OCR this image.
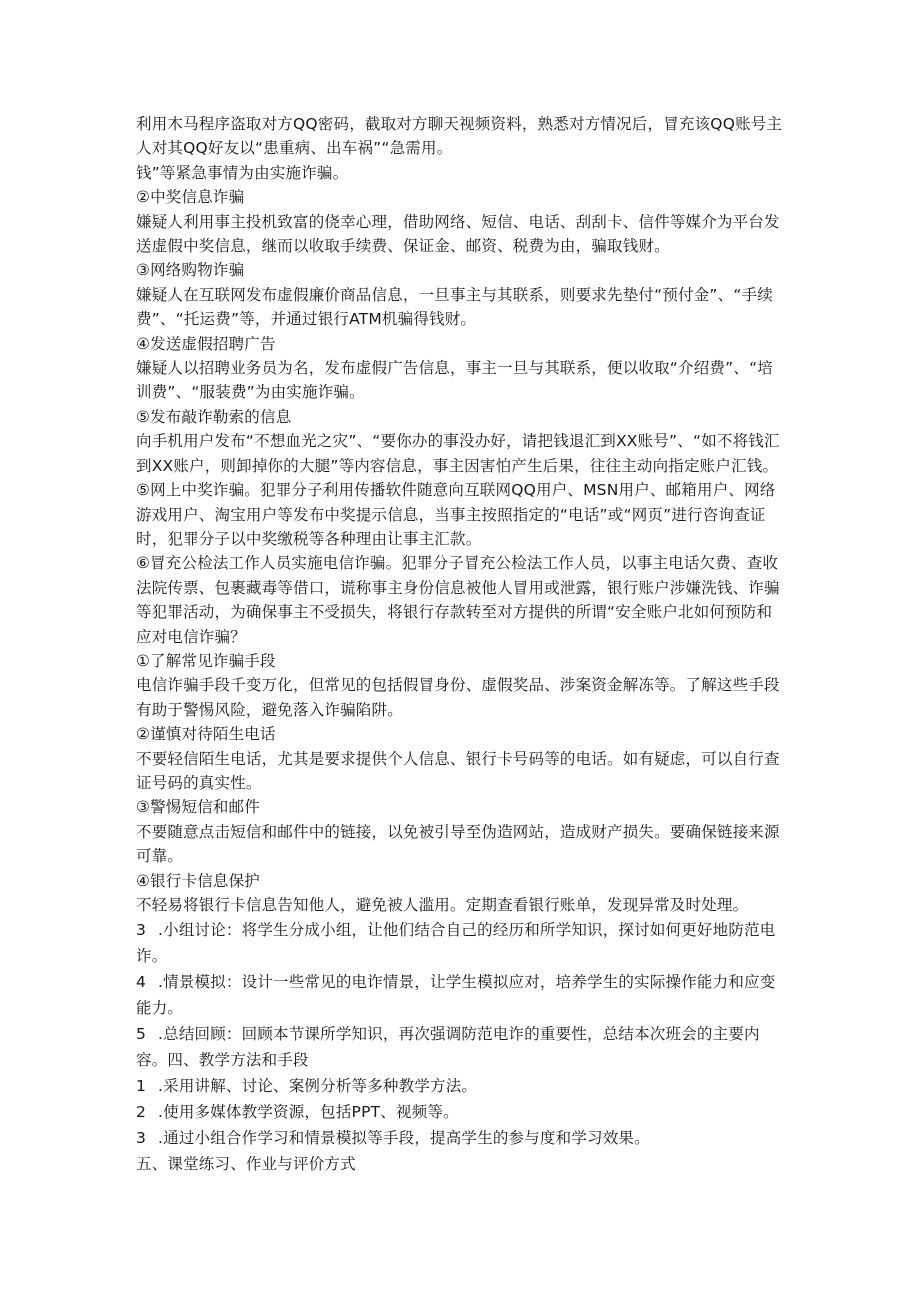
利用木马程序盗取对方QQ密码，截取对方聊天视频资料，熟悉对方情况后，冒充该QQ账号主人对其QQ好友以“患重病、出车祸”“急需用。

钱”等紧急事情为由实施诈骗。

②中奖信息诈骗

嫌疑人利用事主投机致富的侥幸心理，借助网络、短信、电话、刮刮卡、信件等媒介为平台发送虚假中奖信息，继而以收取手续费、保证金、邮资、税费为由，骗取钱财。

③网络购物诈骗

嫌疑人在互联网发布虚假廉价商品信息，一旦事主与其联系，则要求先垫付“预付金”、“手续费”、“托运费”等，并通过银行ATM机骗得钱财。

④发送虚假招聘广告

嫌疑人以招聘业务员为名，发布虚假广告信息，事主一旦与其联系，便以收取“介绍费”、“培训费”、“服装费”为由实施诈骗。

⑤发布敲诈勒索的信息

向手机用户发布“不想血光之灾”、“要你办的事没办好，请把钱退汇到XX账号”、“如不将钱汇到XX账户，则卸掉你的大腿”等内容信息，事主因害怕产生后果，往往主动向指定账户汇钱。

⑤网上中奖诈骗。犯罪分子利用传播软件随意向互联网QQ用户、MSN用户、邮箱用户、网络游戏用户、淘宝用户等发布中奖提示信息，当事主按照指定的“电话”或“网页”进行咨询查证时，犯罪分子以中奖缴税等各种理由让事主汇款。

⑥冒充公检法工作人员实施电信诈骗。犯罪分子冒充公检法工作人员，以事主电话欠费、查收法院传票、包裹藏毒等借口，谎称事主身份信息被他人冒用或泄露，银行账户涉嫌洗钱、诈骗等犯罪活动，为确保事主不受损失，将银行存款转至对方提供的所谓“安全账户北如何预防和应对电信诈骗？

①了解常见诈骗手段

电信诈骗手段千变万化，但常见的包括假冒身份、虚假奖品、涉案资金解冻等。了解这些手段有助于警惕风险，避免落入诈骗陷阱。

②谨慎对待陌生电话

不要轻信陌生电话，尤其是要求提供个人信息、银行卡号码等的电话。如有疑虑，可以自行查证号码的真实性。

③警惕短信和邮件

不要随意点击短信和邮件中的链接，以免被引导至伪造网站，造成财产损失。要确保链接来源可靠。

④银行卡信息保护

不轻易将银行卡信息告知他人，避免被人滥用。定期查看银行账单，发现异常及时处理。

3 .小组讨论：将学生分成小组，让他们结合自己的经历和所学知识，探讨如何更好地防范电诈。

4 .情景模拟：设计一些常见的电诈情景，让学生模拟应对，培养学生的实际操作能力和应变能力。

5 .总结回顾：回顾本节课所学知识，再次强调防范电诈的重要性，总结本次班会的主要内容。四、教学方法和手段

1 .采用讲解、讨论、案例分析等多种教学方法。

2 .使用多媒体教学资源，包括PPT、视频等。

3 .通过小组合作学习和情景模拟等手段，提高学生的参与度和学习效果。

五、课堂练习、作业与评价方式
